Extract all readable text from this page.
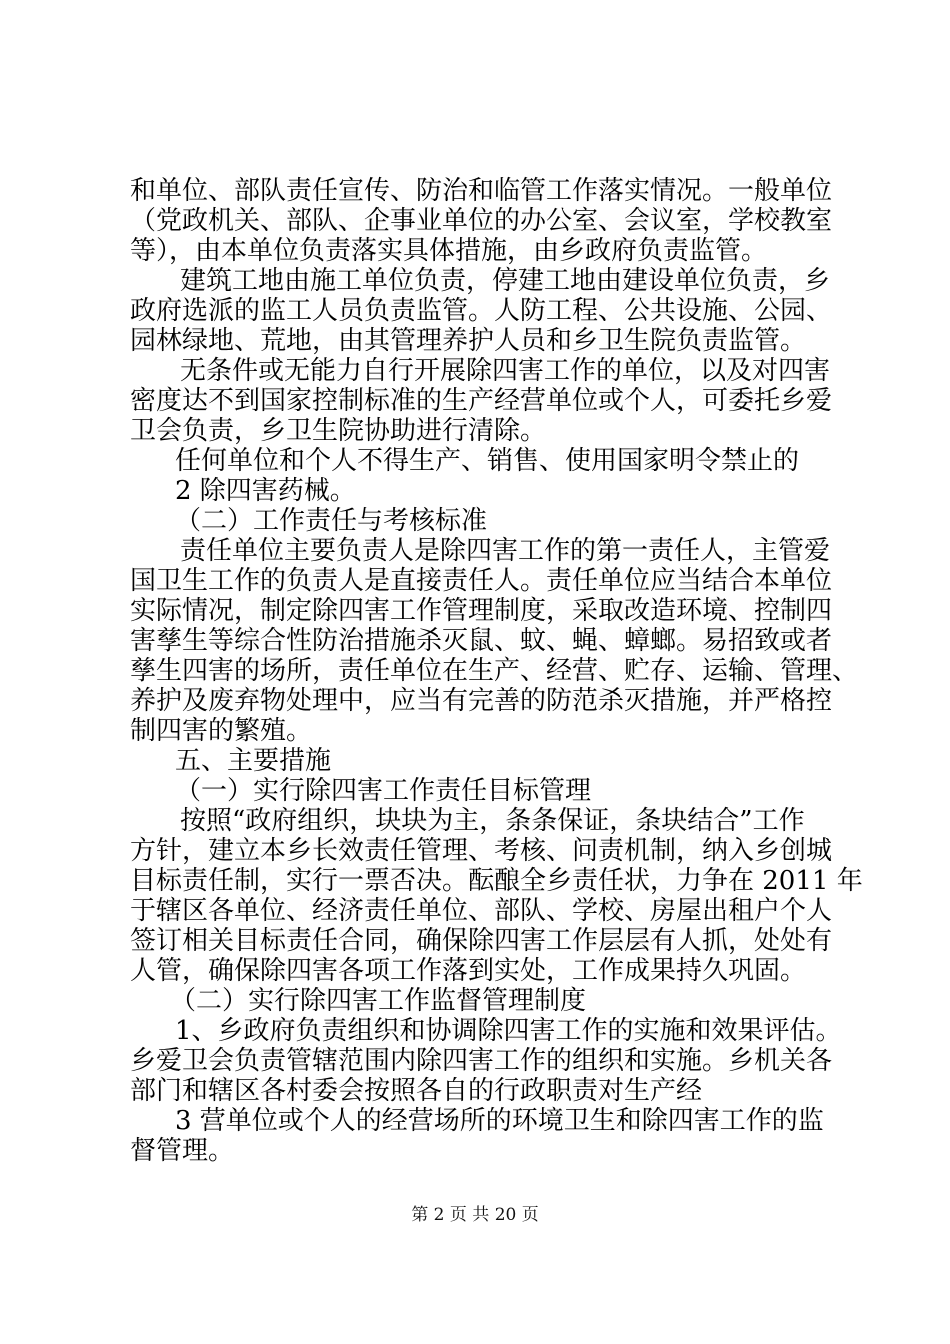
和单位、部队责任宣传、防治和临管工作落实情况。一般单位
（党政机关、部队、企事业单位的办公室、会议室，学校教室
等），由本单位负责落实具体措施，由乡政府负责监管。
建筑工地由施工单位负责，停建工地由建设单位负责，乡
政府选派的监工人员负责监管。人防工程、公共设施、公园、
园林绿地、荒地，由其管理养护人员和乡卫生院负责监管。
无条件或无能力自行开展除四害工作的单位，以及对四害
密度达不到国家控制标准的生产经营单位或个人，可委托乡爱
卫会负责，乡卫生院协助进行清除。
任何单位和个人不得生产、销售、使用国家明令禁止的
2 除四害药械。
（二）工作责任与考核标准
责任单位主要负责人是除四害工作的第一责任人，主管爱
国卫生工作的负责人是直接责任人。责任单位应当结合本单位
实际情况，制定除四害工作管理制度，采取改造环境、控制四
害孳生等综合性防治措施杀灭鼠、蚊、蝇、蟑螂。易招致或者
孳生四害的场所，责任单位在生产、经营、贮存、运输、管理、
养护及废弃物处理中，应当有完善的防范杀灭措施，并严格控
制四害的繁殖。
五、主要措施
（一）实行除四害工作责任目标管理
按照“政府组织，块块为主，条条保证，条块结合”工作
方针，建立本乡长效责任管理、考核、问责机制，纳入乡创城
目标责任制，实行一票否决。酝酿全乡责任状，力争在 2011 年
于辖区各单位、经济责任单位、部队、学校、房屋出租户个人
签订相关目标责任合同，确保除四害工作层层有人抓，处处有
人管，确保除四害各项工作落到实处，工作成果持久巩固。
（二）实行除四害工作监督管理制度
1、乡政府负责组织和协调除四害工作的实施和效果评估。
乡爱卫会负责管辖范围内除四害工作的组织和实施。乡机关各
部门和辖区各村委会按照各自的行政职责对生产经
3 营单位或个人的经营场所的环境卫生和除四害工作的监
督管理。
第 2 页 共 20 页
